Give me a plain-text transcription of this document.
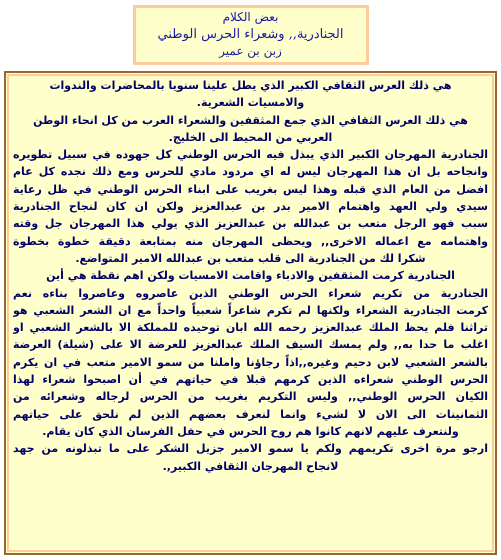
بعض الكلام
الجنادرية,, وشعراء الحرس الوطني
زبن بن عمير
هي ذلك العرس الثقافي الكبير الذي يطل علينا سنويا بالمحاضرات والندوات
والامسيات الشعرية.
هي ذلك العرس الثقافي الذي جمع المثقفين والشعراء العرب من كل انحاء الوطن
العربي من المحيط الى الخليج.
الجنادرية المهرجان الكبير الذي يبذل فيه الحرس الوطني كل جهوده في سبيل تطويره
وانجاحه بل ان هذا المهرجان ليس له اي مردود مادي للحرس ومع ذلك نجده كل عام
افضل من العام الذي قبله وهذا ليس بغريب على ابناء الحرس الوطني في ظل رعاية
سيدي ولي العهد واهتمام الامير بدر بن عبدالعزيز ولكن ان كان لنجاح الجنادرية
سبب فهو الرجل متعب بن عبدالله بن عبدالعزيز الذي يولي هذا المهرجان جل وقته
واهتمامه مع اعماله الاخرى,, ويحظى المهرجان منه بمتابعة دقيقة خطوة بخطوة
شكرا لك من الجنادرية الى قلب متعب بن عبدالله الامير المتواضع.
الجنادرية كرمت المثقفين والادباء واقامت الامسيات ولكن اهم نقطة هي أين
الجنادرية من تكريم شعراء الحرس الوطني الذين عاصروه وعاصروا بناءه نعم
كرمت الجنادرية الشعراء ولكنها لم تكرم شاعراً شعبياً واحداً مع ان الشعر الشعبي هو
تراثنا فلم يحظ الملك عبدالعزيز رحمه الله ابان توحيده للمملكة الا بالشعر الشعبي او
اغلب ما حدا به,, ولم يمسك السيف الملك عبدالعزيز للعرضة الا على (شيلة) العرضة
بالشعر الشعبي لابن دحيم وغيره,,اذاً رجاؤنا واملنا من سمو الامير متعب في ان يكرم
الحرس الوطني شعراءه الذين كرمهم قبلا في حياتهم في أن اصبحوا شعراء لهذا
الكيان الحرس الوطني,, وليس التكريم بغريب من الحرس لرجاله وشعرائه من
الثمانينات الى الان لا لشيء وانما لنعرف بعضهم الذين لم نلحق على حياتهم
ولنتعرف عليهم لانهم كانوا هم روح الحرس في حفل الفرسان الذي كان يقام.
ارجو مرة اخرى تكريمهم ولكم يا سمو الامير جزيل الشكر على ما تبذلونه من جهد
لانجاح المهرجان الثقافي الكبير,.
